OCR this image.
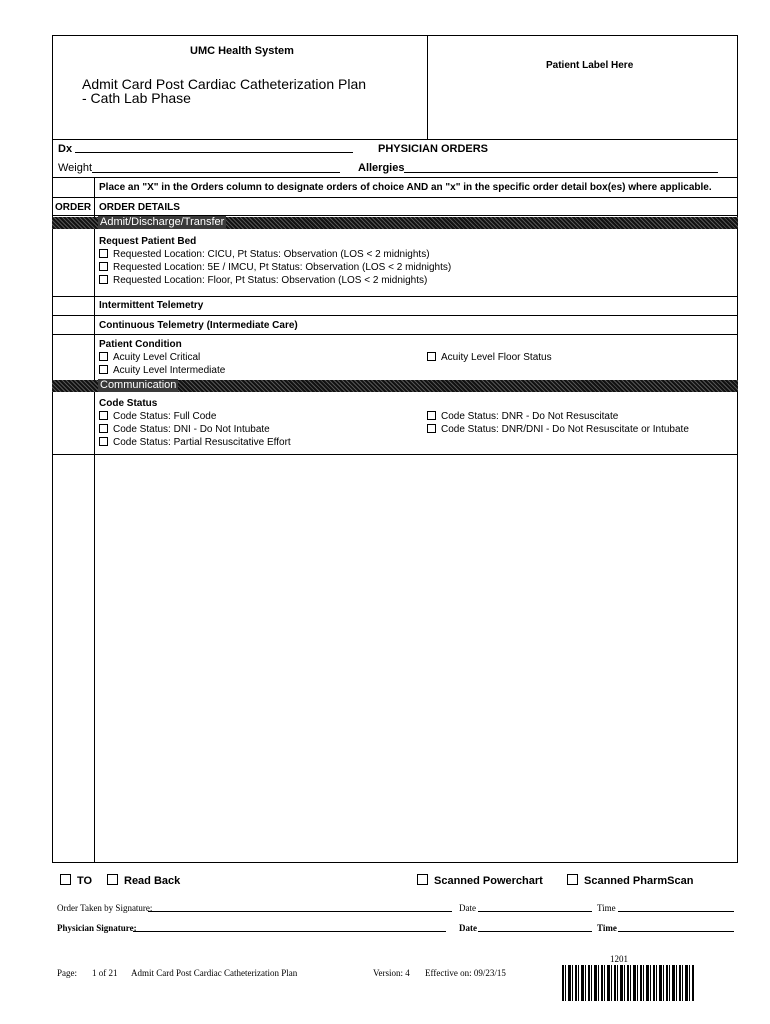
UMC Health System
Admit Card Post Cardiac Catheterization Plan
- Cath Lab Phase
Patient Label Here
Dx	PHYSICIAN ORDERS
Weight	Allergies
Place an "X" in the Orders column to designate orders of choice AND an "x" in the specific order detail box(es) where applicable.
ORDER ORDER DETAILS
Admit/Discharge/Transfer
Request Patient Bed
Requested Location: CICU, Pt Status: Observation (LOS < 2 midnights)
Requested Location: 5E / IMCU, Pt Status: Observation (LOS < 2 midnights)
Requested Location: Floor, Pt Status: Observation (LOS < 2 midnights)
Intermittent Telemetry
Continuous Telemetry (Intermediate Care)
Patient Condition
Acuity Level Critical
Acuity Level Intermediate
Acuity Level Floor Status
Communication
Code Status
Code Status: Full Code
Code Status: DNI - Do Not Intubate
Code Status: Partial Resuscitative Effort
Code Status: DNR - Do Not Resuscitate
Code Status: DNR/DNI - Do Not Resuscitate or Intubate
TO	Read Back	Scanned Powerchart	Scanned PharmScan
Order Taken by Signature:	Date	Time
Physician Signature:	Date	Time
Page: 1 of 21 Admit Card Post Cardiac Catheterization Plan	Version: 4 Effective on: 09/23/15
1201
